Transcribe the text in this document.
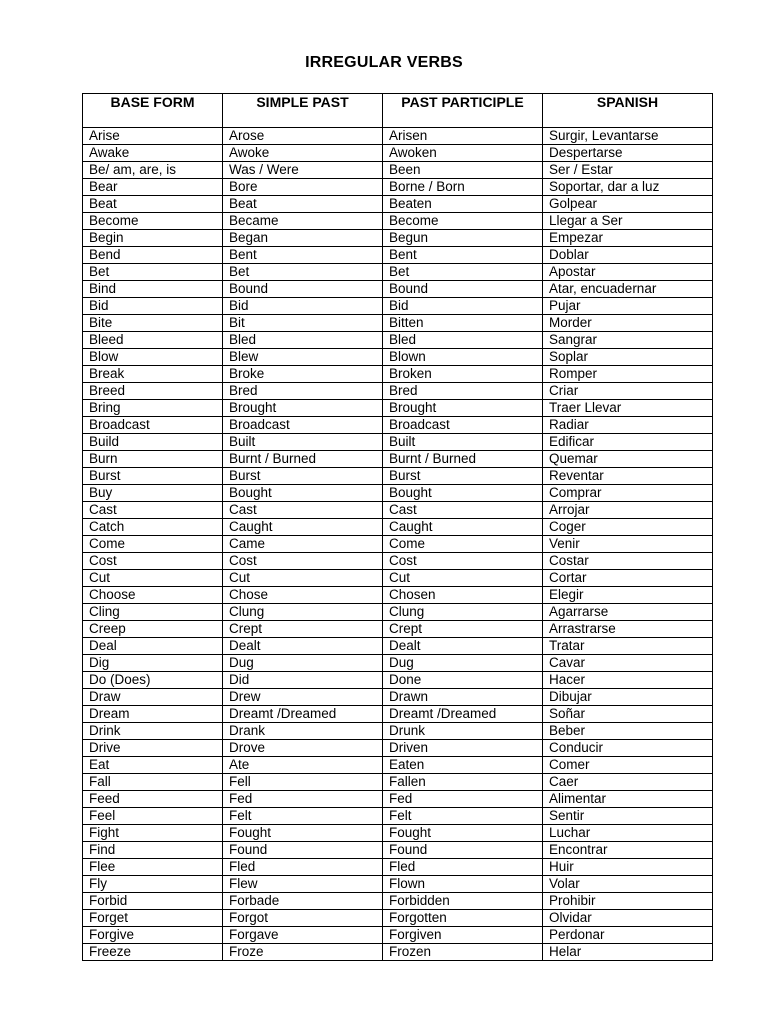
IRREGULAR VERBS
BASE FORM	SIMPLE PAST	PAST PARTICIPLE	SPANISH
Arise	Arose	Arisen	Surgir, Levantarse
Awake	Awoke	Awoken	Despertarse
Be/ am, are, is	Was / Were	Been	Ser / Estar
Bear	Bore	Borne / Born	Soportar, dar a luz
Beat	Beat	Beaten	Golpear
Become	Became	Become	Llegar a Ser
Begin	Began	Begun	Empezar
Bend	Bent	Bent	Doblar
Bet	Bet	Bet	Apostar
Bind	Bound	Bound	Atar, encuadernar
Bid	Bid	Bid	Pujar
Bite	Bit	Bitten	Morder
Bleed	Bled	Bled	Sangrar
Blow	Blew	Blown	Soplar
Break	Broke	Broken	Romper
Breed	Bred	Bred	Criar
Bring	Brought	Brought	Traer Llevar
Broadcast	Broadcast	Broadcast	Radiar
Build	Built	Built	Edificar
Burn	Burnt / Burned	Burnt / Burned	Quemar
Burst	Burst	Burst	Reventar
Buy	Bought	Bought	Comprar
Cast	Cast	Cast	Arrojar
Catch	Caught	Caught	Coger
Come	Came	Come	Venir
Cost	Cost	Cost	Costar
Cut	Cut	Cut	Cortar
Choose	Chose	Chosen	Elegir
Cling	Clung	Clung	Agarrarse
Creep	Crept	Crept	Arrastrarse
Deal	Dealt	Dealt	Tratar
Dig	Dug	Dug	Cavar
Do (Does)	Did	Done	Hacer
Draw	Drew	Drawn	Dibujar
Dream	Dreamt /Dreamed	Dreamt /Dreamed	Soñar
Drink	Drank	Drunk	Beber
Drive	Drove	Driven	Conducir
Eat	Ate	Eaten	Comer
Fall	Fell	Fallen	Caer
Feed	Fed	Fed	Alimentar
Feel	Felt	Felt	Sentir
Fight	Fought	Fought	Luchar
Find	Found	Found	Encontrar
Flee	Fled	Fled	Huir
Fly	Flew	Flown	Volar
Forbid	Forbade	Forbidden	Prohibir
Forget	Forgot	Forgotten	Olvidar
Forgive	Forgave	Forgiven	Perdonar
Freeze	Froze	Frozen	Helar
